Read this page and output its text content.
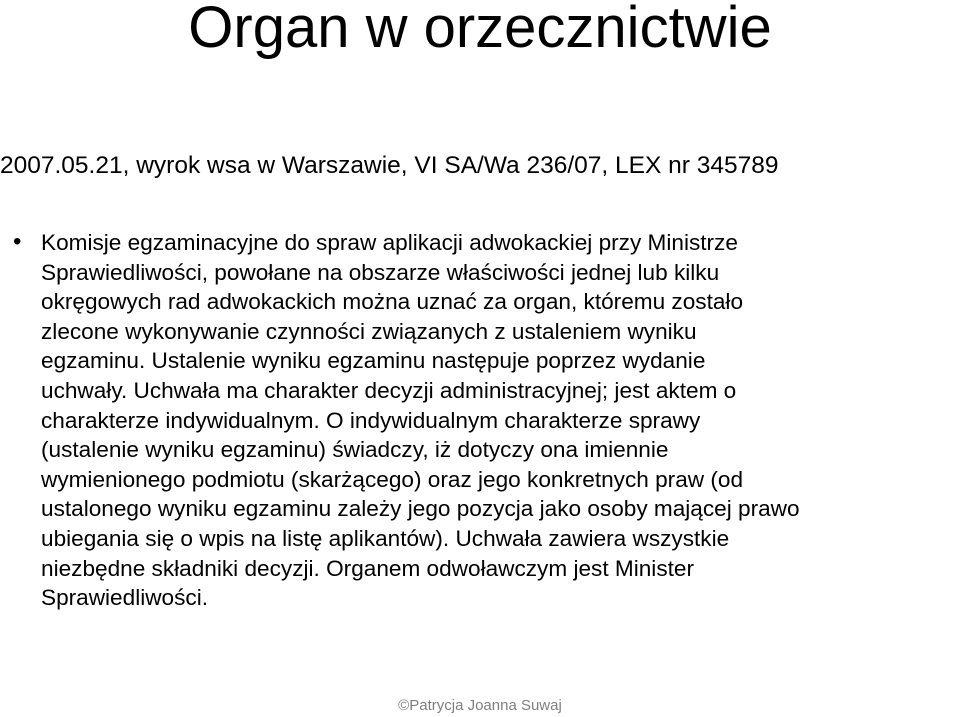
Organ w orzecznictwie
2007.05.21, wyrok wsa w Warszawie, VI SA/Wa 236/07, LEX nr 345789
• Komisje egzaminacyjne do spraw aplikacji adwokackiej przy Ministrze
Sprawiedliwości, powołane na obszarze właściwości jednej lub kilku
okręgowych rad adwokackich można uznać za organ, któremu zostało
zlecone wykonywanie czynności związanych z ustaleniem wyniku
egzaminu. Ustalenie wyniku egzaminu następuje poprzez wydanie
uchwały. Uchwała ma charakter decyzji administracyjnej; jest aktem o
charakterze indywidualnym. O indywidualnym charakterze sprawy
(ustalenie wyniku egzaminu) świadczy, iż dotyczy ona imiennie
wymienionego podmiotu (skarżącego) oraz jego konkretnych praw (od
ustalonego wyniku egzaminu zależy jego pozycja jako osoby mającej prawo
ubiegania się o wpis na listę aplikantów). Uchwała zawiera wszystkie
niezbędne składniki decyzji. Organem odwoławczym jest Minister
Sprawiedliwości.
©Patrycja Joanna Suwaj
